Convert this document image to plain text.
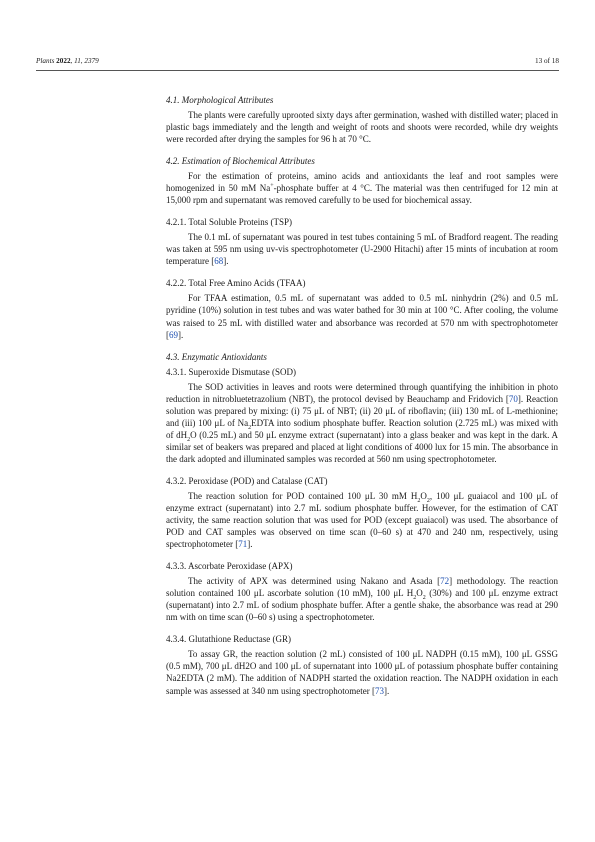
Plants 2022, 11, 2379	13 of 18
4.1. Morphological Attributes

The plants were carefully uprooted sixty days after germination, washed with distilled water; placed in plastic bags immediately and the length and weight of roots and shoots were recorded, while dry weights were recorded after drying the samples for 96 h at 70 °C.

4.2. Estimation of Biochemical Attributes

For the estimation of proteins, amino acids and antioxidants the leaf and root samples were homogenized in 50 mM Na+-phosphate buffer at 4 °C. The material was then centrifuged for 12 min at 15,000 rpm and supernatant was removed carefully to be used for biochemical assay.

4.2.1. Total Soluble Proteins (TSP)

The 0.1 mL of supernatant was poured in test tubes containing 5 mL of Bradford reagent. The reading was taken at 595 nm using uv-vis spectrophotometer (U-2900 Hitachi) after 15 mints of incubation at room temperature [68].

4.2.2. Total Free Amino Acids (TFAA)

For TFAA estimation, 0.5 mL of supernatant was added to 0.5 mL ninhydrin (2%) and 0.5 mL pyridine (10%) solution in test tubes and was water bathed for 30 min at 100 °C. After cooling, the volume was raised to 25 mL with distilled water and absorbance was recorded at 570 nm with spectrophotometer [69].

4.3. Enzymatic Antioxidants
4.3.1. Superoxide Dismutase (SOD)

The SOD activities in leaves and roots were determined through quantifying the inhibition in photo reduction in nitrobluetetrazolium (NBT), the protocol devised by Beauchamp and Fridovich [70]. Reaction solution was prepared by mixing: (i) 75 μL of NBT; (ii) 20 μL of riboflavin; (iii) 130 mL of L-methionine; and (iii) 100 μL of $Na_2EDTA$ into sodium phosphate buffer. Reaction solution (2.725 mL) was mixed with of $dH_2O$ (0.25 mL) and 50 μL enzyme extract (supernatant) into a glass beaker and was kept in the dark. A similar set of beakers was prepared and placed at light conditions of 4000 lux for 15 min. The absorbance in the dark adopted and illuminated samples was recorded at 560 nm using spectrophotometer.

4.3.2. Peroxidase (POD) and Catalase (CAT)

The reaction solution for POD contained 100 μL 30 mM $H_2O_2$, 100 μL guaiacol and 100 μL of enzyme extract (supernatant) into 2.7 mL sodium phosphate buffer. However, for the estimation of CAT activity, the same reaction solution that was used for POD (except guaiacol) was used. The absorbance of POD and CAT samples was observed on time scan (0–60 s) at 470 and 240 nm, respectively, using spectrophotometer [71].

4.3.3. Ascorbate Peroxidase (APX)

The activity of APX was determined using Nakano and Asada [72] methodology. The reaction solution contained 100 μL ascorbate solution (10 mM), 100 μL $H_2O_2$ (30%) and 100 μL enzyme extract (supernatant) into 2.7 mL of sodium phosphate buffer. After a gentle shake, the absorbance was read at 290 nm with on time scan (0–60 s) using a spectrophotometer.

4.3.4. Glutathione Reductase (GR)

To assay GR, the reaction solution (2 mL) consisted of 100 μL NADPH (0.15 mM), 100 μL GSSG (0.5 mM), 700 μL dH2O and 100 μL of supernatant into 1000 μL of potassium phosphate buffer containing Na2EDTA (2 mM). The addition of NADPH started the oxidation reaction. The NADPH oxidation in each sample was assessed at 340 nm using spectrophotometer [73].
